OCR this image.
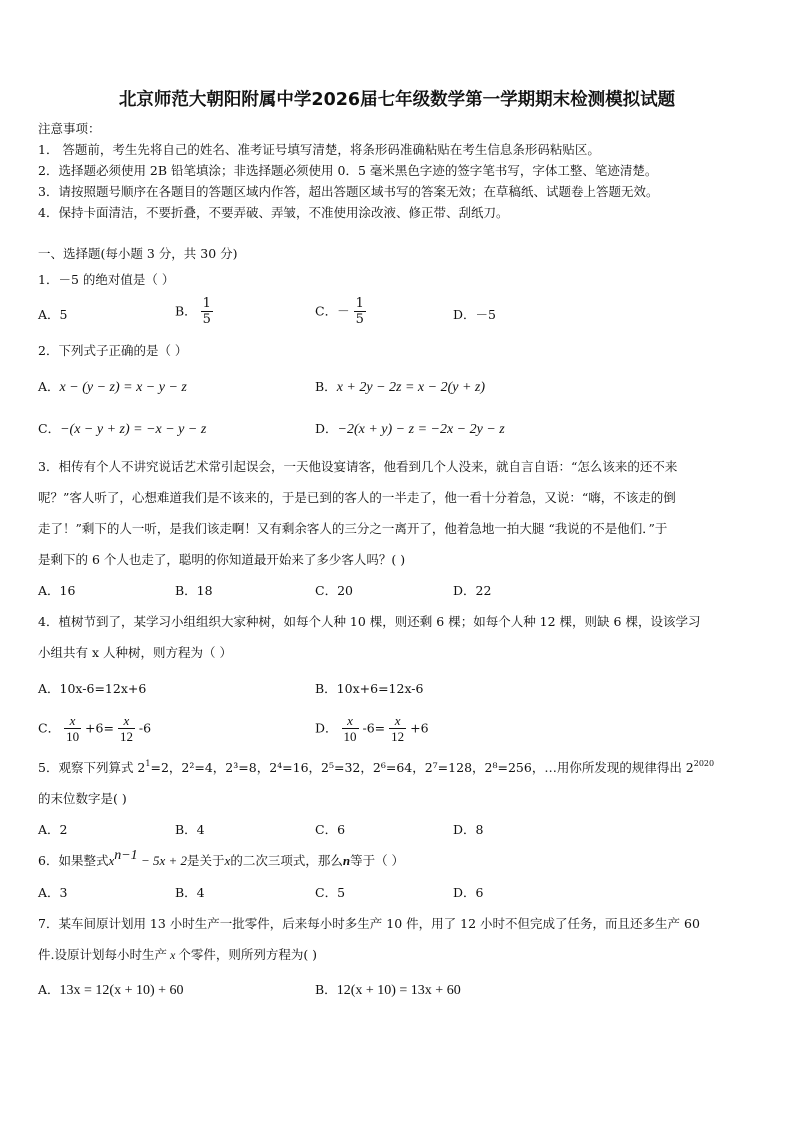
北京师范大朝阳附属中学2026届七年级数学第一学期期末检测模拟试题
注意事项：
1． 答题前，考生先将自己的姓名、准考证号填写清楚，将条形码准确粘贴在考生信息条形码粘贴区。
2．选择题必须使用 2B 铅笔填涂；非选择题必须使用 0．5 毫米黑色字迹的签字笔书写，字体工整、笔迹清楚。
3．请按照题号顺序在各题目的答题区域内作答，超出答题区域书写的答案无效；在草稿纸、试题卷上答题无效。
4．保持卡面清洁，不要折叠，不要弄破、弄皱，不准使用涂改液、修正带、刮纸刀。
一、选择题(每小题 3 分，共 30 分)
1．－5 的绝对值是（ ）
A．5	B． $\frac{1}{5}$	C．－ $\frac{1}{5}$	D．－5
2．下列式子正确的是（ ）
A．x − (y − z) = x − y − z	B．x + 2y − 2z = x − 2(y + z)
C．−(x − y + z) = −x − y − z	D．−2(x + y) − z = −2x − 2y − z
3．相传有个人不讲究说话艺术常引起误会，一天他设宴请客，他看到几个人没来，就自言自语：“怎么该来的还不来
呢？”客人听了，心想难道我们是不该来的，于是已到的客人的一半走了，他一看十分着急，又说：“嗨，不该走的倒
走了！”剩下的人一听，是我们该走啊！又有剩余客人的三分之一离开了，他着急地一拍大腿 “我说的不是他们．”于
是剩下的 6 个人也走了，聪明的你知道最开始来了多少客人吗？( )
A．16	B．18	C．20	D．22
4．植树节到了，某学习小组组织大家种树，如每个人种 10 棵，则还剩 6 棵；如每个人种 12 棵，则缺 6 棵，设该学习
小组共有 x 人种树，则方程为（ ）
A．10x-6=12x+6	B．10x+6=12x-6
C． $\frac{x}{10} +6= \frac{x}{12} -6$	D． $\frac{x}{10} -6= \frac{x}{12} +6$
5．观察下列算式 $2^1=2$，2²=4，2³=8，2⁴=16，2⁵=32，2⁶=64，2⁷=128，2⁸=256，…用你所发现的规律得出 $2^{2020}$
的末位数字是( )
A．2	B．4	C．6	D．8
6．如果整式$x^{n-1} - 5x + 2$是关于x的二次三项式，那么n等于（ ）
A．3	B．4	C．5	D．6
7．某车间原计划用 13 小时生产一批零件，后来每小时多生产 10 件，用了 12 小时不但完成了任务，而且还多生产 60
件.设原计划每小时生产 x 个零件，则所列方程为( )
A．13x = 12(x + 10) + 60	B．12(x + 10) = 13x + 60
